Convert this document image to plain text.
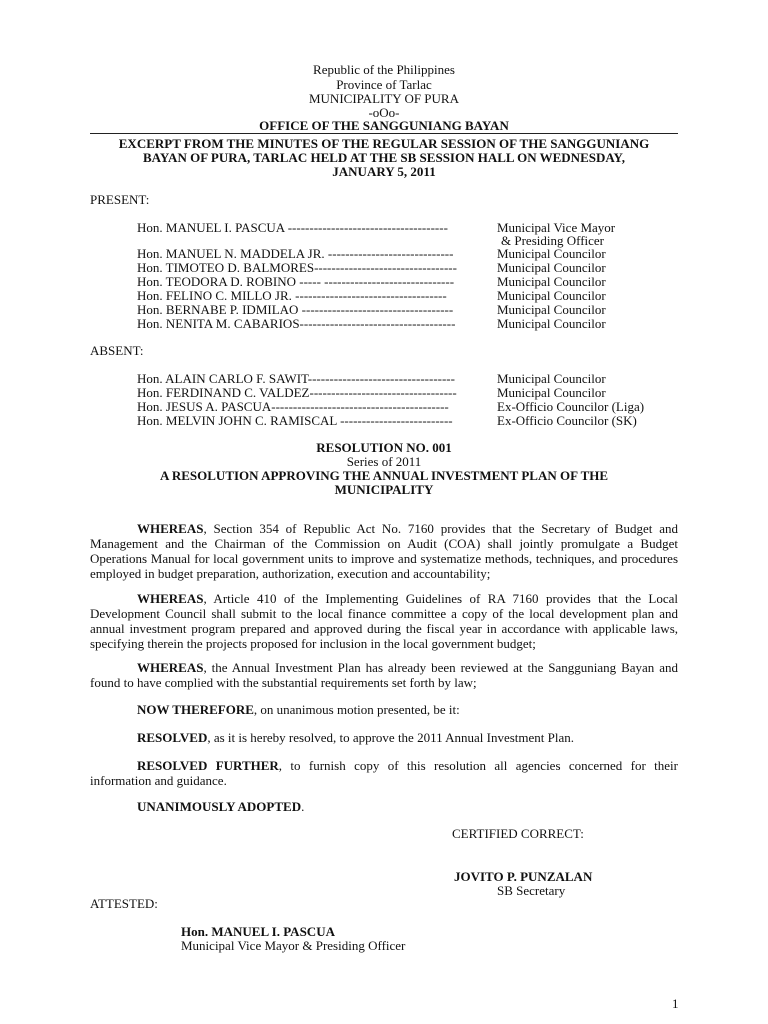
Republic of the Philippines
Province of Tarlac
MUNICIPALITY OF PURA
-oOo-
OFFICE OF THE SANGGUNIANG BAYAN
EXCERPT FROM THE MINUTES OF THE REGULAR SESSION OF THE SANGGUNIANG
BAYAN OF PURA, TARLAC HELD AT THE SB SESSION HALL ON WEDNESDAY,
JANUARY 5, 2011
PRESENT:
Hon. MANUEL I. PASCUA -------------------------------------	Municipal Vice Mayor
& Presiding Officer
Hon. MANUEL N. MADDELA JR. -----------------------------	Municipal Councilor
Hon. TIMOTEO D. BALMORES---------------------------------	Municipal Councilor
Hon. TEODORA D. ROBINO ----- ------------------------------	Municipal Councilor
Hon. FELINO C. MILLO JR. -----------------------------------	Municipal Councilor
Hon. BERNABE P. IDMILAO -----------------------------------	Municipal Councilor
Hon. NENITA M. CABARIOS------------------------------------	Municipal Councilor
ABSENT:
Hon. ALAIN CARLO F. SAWIT----------------------------------	Municipal Councilor
Hon. FERDINAND C. VALDEZ----------------------------------	Municipal Councilor
Hon. JESUS A. PASCUA-----------------------------------------	Ex-Officio Councilor (Liga)
Hon. MELVIN JOHN C. RAMISCAL --------------------------	Ex-Officio Councilor (SK)
RESOLUTION NO. 001
Series of 2011
A RESOLUTION APPROVING THE ANNUAL INVESTMENT PLAN OF THE
MUNICIPALITY
WHEREAS, Section 354 of Republic Act No. 7160 provides that the Secretary of Budget and Management and the Chairman of the Commission on Audit (COA) shall jointly promulgate a Budget Operations Manual for local government units to improve and systematize methods, techniques, and procedures employed in budget preparation, authorization, execution and accountability;
WHEREAS, Article 410 of the Implementing Guidelines of RA 7160 provides that the Local Development Council shall submit to the local finance committee a copy of the local development plan and annual investment program prepared and approved during the fiscal year in accordance with applicable laws, specifying therein the projects proposed for inclusion in the local government budget;
WHEREAS, the Annual Investment Plan has already been reviewed at the Sangguniang Bayan and found to have complied with the substantial requirements set forth by law;
NOW THEREFORE, on unanimous motion presented, be it:
RESOLVED, as it is hereby resolved, to approve the 2011 Annual Investment Plan.
RESOLVED FURTHER, to furnish copy of this resolution all agencies concerned for their information and guidance.
UNANIMOUSLY ADOPTED.
CERTIFIED CORRECT:
JOVITO P. PUNZALAN
SB Secretary
ATTESTED:
Hon. MANUEL I. PASCUA
Municipal Vice Mayor & Presiding Officer
1
